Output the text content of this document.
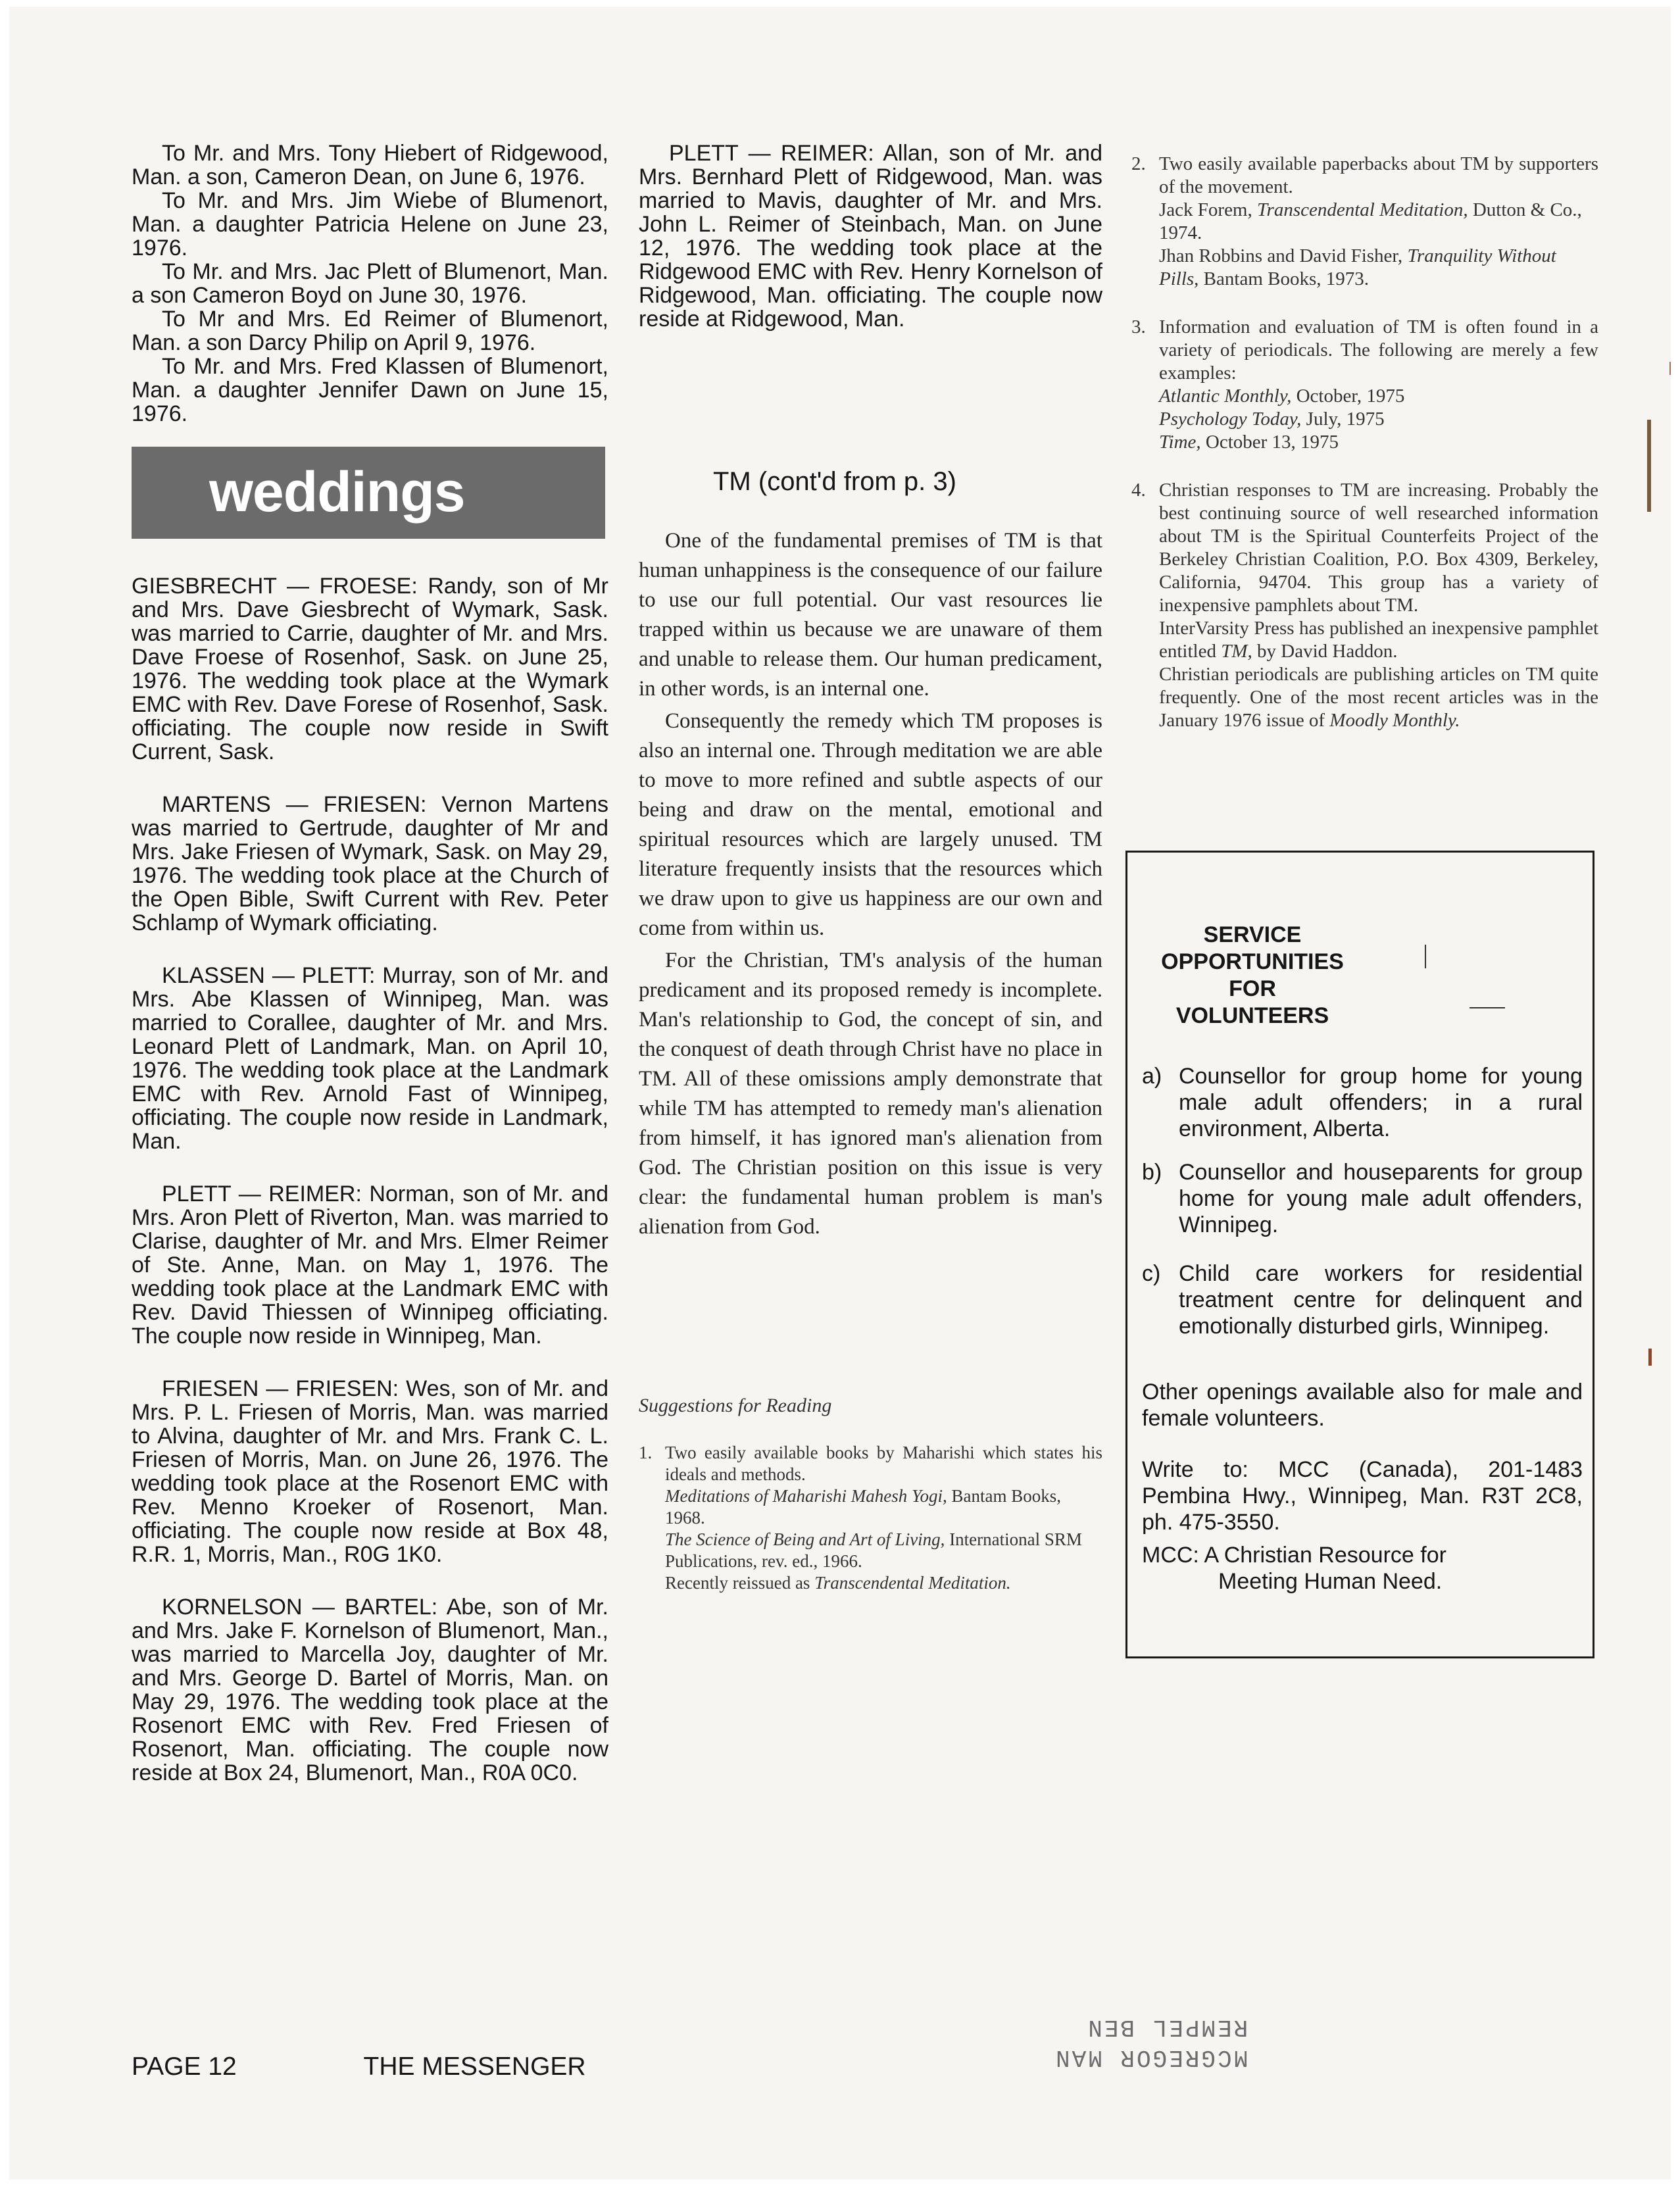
To Mr. and Mrs. Tony Hiebert of Ridgewood, Man. a son, Cameron Dean, on June 6, 1976.

To Mr. and Mrs. Jim Wiebe of Blumenort, Man. a daughter Patricia Helene on June 23, 1976.

To Mr. and Mrs. Jac Plett of Blumenort, Man. a son Cameron Boyd on June 30, 1976.

To Mr and Mrs. Ed Reimer of Blumenort, Man. a son Darcy Philip on April 9, 1976.

To Mr. and Mrs. Fred Klassen of Blumenort, Man. a daughter Jennifer Dawn on June 15, 1976.

weddings

GIESBRECHT — FROESE: Randy, son of Mr and Mrs. Dave Giesbrecht of Wymark, Sask. was married to Carrie, daughter of Mr. and Mrs. Dave Froese of Rosenhof, Sask. on June 25, 1976. The wedding took place at the Wymark EMC with Rev. Dave Forese of Rosenhof, Sask. officiating. The couple now reside in Swift Current, Sask.

MARTENS — FRIESEN: Vernon Martens was married to Gertrude, daughter of Mr and Mrs. Jake Friesen of Wymark, Sask. on May 29, 1976. The wedding took place at the Church of the Open Bible, Swift Current with Rev. Peter Schlamp of Wymark officiating.

KLASSEN — PLETT: Murray, son of Mr. and Mrs. Abe Klassen of Winnipeg, Man. was married to Corallee, daughter of Mr. and Mrs. Leonard Plett of Landmark, Man. on April 10, 1976. The wedding took place at the Landmark EMC with Rev. Arnold Fast of Winnipeg, officiating. The couple now reside in Landmark, Man.

PLETT — REIMER: Norman, son of Mr. and Mrs. Aron Plett of Riverton, Man. was married to Clarise, daughter of Mr. and Mrs. Elmer Reimer of Ste. Anne, Man. on May 1, 1976. The wedding took place at the Landmark EMC with Rev. David Thiessen of Winnipeg officiating. The couple now reside in Winnipeg, Man.

FRIESEN — FRIESEN: Wes, son of Mr. and Mrs. P. L. Friesen of Morris, Man. was married to Alvina, daughter of Mr. and Mrs. Frank C. L. Friesen of Morris, Man. on June 26, 1976. The wedding took place at the Rosenort EMC with Rev. Menno Kroeker of Rosenort, Man. officiating. The couple now reside at Box 48, R.R. 1, Morris, Man., R0G 1K0.

KORNELSON — BARTEL: Abe, son of Mr. and Mrs. Jake F. Kornelson of Blumenort, Man., was married to Marcella Joy, daughter of Mr. and Mrs. George D. Bartel of Morris, Man. on May 29, 1976. The wedding took place at the Rosenort EMC with Rev. Fred Friesen of Rosenort, Man. officiating. The couple now reside at Box 24, Blumenort, Man., R0A 0C0.

PAGE 12	THE MESSENGER

PLETT — REIMER: Allan, son of Mr. and Mrs. Bernhard Plett of Ridgewood, Man. was married to Mavis, daughter of Mr. and Mrs. John L. Reimer of Steinbach, Man. on June 12, 1976. The wedding took place at the Ridgewood EMC with Rev. Henry Kornelson of Ridgewood, Man. officiating. The couple now reside at Ridgewood, Man.

TM (cont'd from p. 3)

One of the fundamental premises of TM is that human unhappiness is the consequence of our failure to use our full potential. Our vast resources lie trapped within us because we are unaware of them and unable to release them. Our human predicament, in other words, is an internal one.

Consequently the remedy which TM proposes is also an internal one. Through meditation we are able to move to more refined and subtle aspects of our being and draw on the mental, emotional and spiritual resources which are largely unused. TM literature frequently insists that the resources which we draw upon to give us happiness are our own and come from within us.

For the Christian, TM's analysis of the human predicament and its proposed remedy is incomplete. Man's relationship to God, the concept of sin, and the conquest of death through Christ have no place in TM. All of these omissions amply demonstrate that while TM has attempted to remedy man's alienation from himself, it has ignored man's alienation from God. The Christian position on this issue is very clear: the fundamental human problem is man's alienation from God.

Suggestions for Reading
1. Two easily available books by Maharishi which states his ideals and methods.
Meditations of Maharishi Mahesh Yogi, Bantam Books, 1968.
The Science of Being and Art of Living, International SRM Publications, rev. ed., 1966.
Recently reissued as Transcendental Meditation.
2. Two easily available paperbacks about TM by supporters of the movement.
Jack Forem, Transcendental Meditation, Dutton & Co., 1974.
Jhan Robbins and David Fisher, Tranquility Without Pills, Bantam Books, 1973.
3. Information and evaluation of TM is often found in a variety of periodicals. The following are merely a few examples:
Atlantic Monthly, October, 1975
Psychology Today, July, 1975
Time, October 13, 1975
4. Christian responses to TM are increasing. Probably the best continuing source of well researched information about TM is the Spiritual Counterfeits Project of the Berkeley Christian Coalition, P.O. Box 4309, Berkeley, California, 94704. This group has a variety of inexpensive pamphlets about TM.
InterVarsity Press has published an inexpensive pamphlet entitled TM, by David Haddon.
Christian periodicals are publishing articles on TM quite frequently. One of the most recent articles was in the January 1976 issue of Moodly Monthly.
SERVICE
OPPORTUNITIES
FOR VOLUNTEERS
a) Counsellor for group home for young male adult offenders; in a rural environment, Alberta.
b) Counsellor and houseparents for group home for young male adult offenders, Winnipeg.
c) Child care workers for residential treatment centre for delinquent and emotionally disturbed girls, Winnipeg.
Other openings available also for male and female volunteers.
Write to: MCC (Canada), 201-1483 Pembina Hwy., Winnipeg, Man. R3T 2C8, ph. 475-3550.
MCC: A Christian Resource for
Meeting Human Need.
MCGREGOR MAN
REMPEL BEN
